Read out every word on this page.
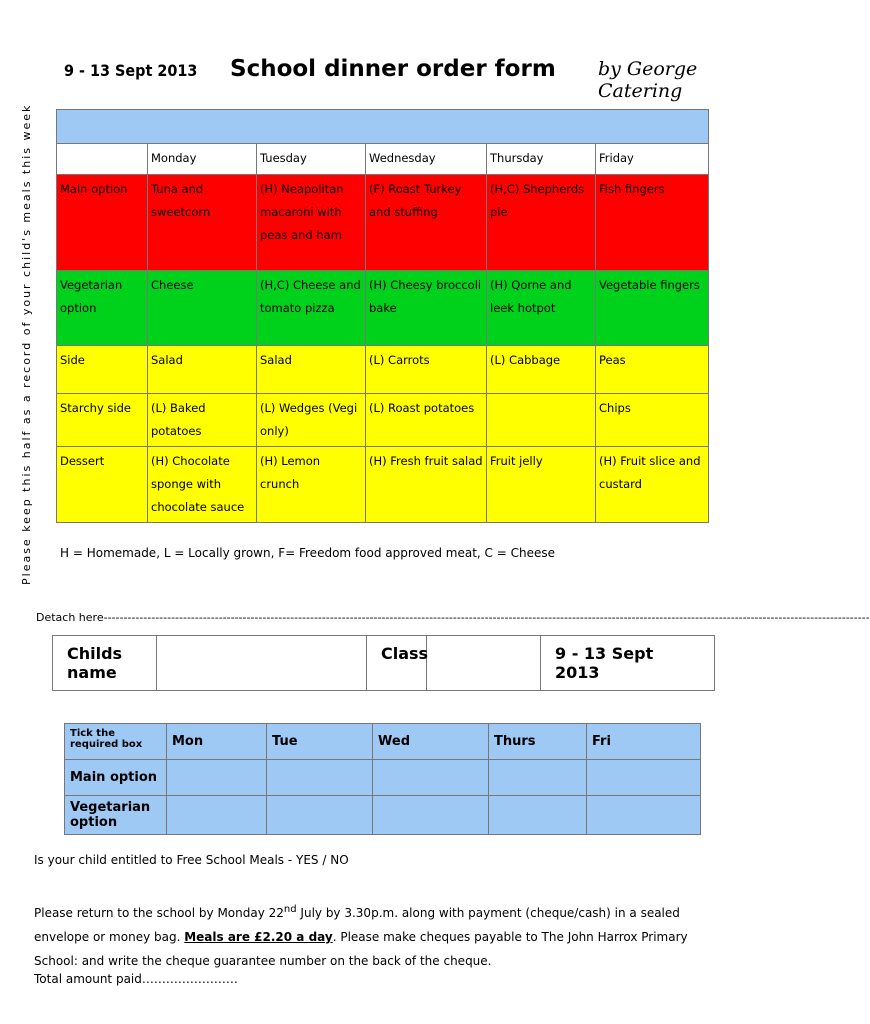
Please keep this half as a record of your child's meals this week
9 - 13 Sept 2013 School dinner order form by George Catering

	Monday	Tuesday	Wednesday	Thursday	Friday
Main option	Tuna and sweetcorn	(H) Neapolitan macaroni with peas and ham	(F) Roast Turkey and stuffing	(H,C) Shepherds pie	Fish fingers
Vegetarian option	Cheese	(H,C) Cheese and tomato pizza	(H) Cheesy broccoli bake	(H) Qorne and leek hotpot	Vegetable fingers
Side	Salad	Salad	(L) Carrots	(L) Cabbage	Peas
Starchy side	(L) Baked potatoes	(L) Wedges (Vegi only)	(L) Roast potatoes		Chips
Dessert	(H) Chocolate sponge with chocolate sauce	(H) Lemon crunch	(H) Fresh fruit salad	Fruit jelly	(H) Fruit slice and custard
H = Homemade, L = Locally grown, F= Freedom food approved meat, C = Cheese
Detach here-------------------------------------------------------------------------------------------------------------------------------------------------------------------------------------------------
Childs name		Class		9 - 13 Sept 2013
Tick the required box	Mon	Tue	Wed	Thurs	Fri
Main option					
Vegetarian option					
Is your child entitled to Free School Meals - YES / NO
Please return to the school by Monday 22nd July by 3.30p.m. along with payment (cheque/cash) in a sealed envelope or money bag. Meals are £2.20 a day. Please make cheques payable to The John Harrox Primary School: and write the cheque guarantee number on the back of the cheque.
Total amount paid……………………
